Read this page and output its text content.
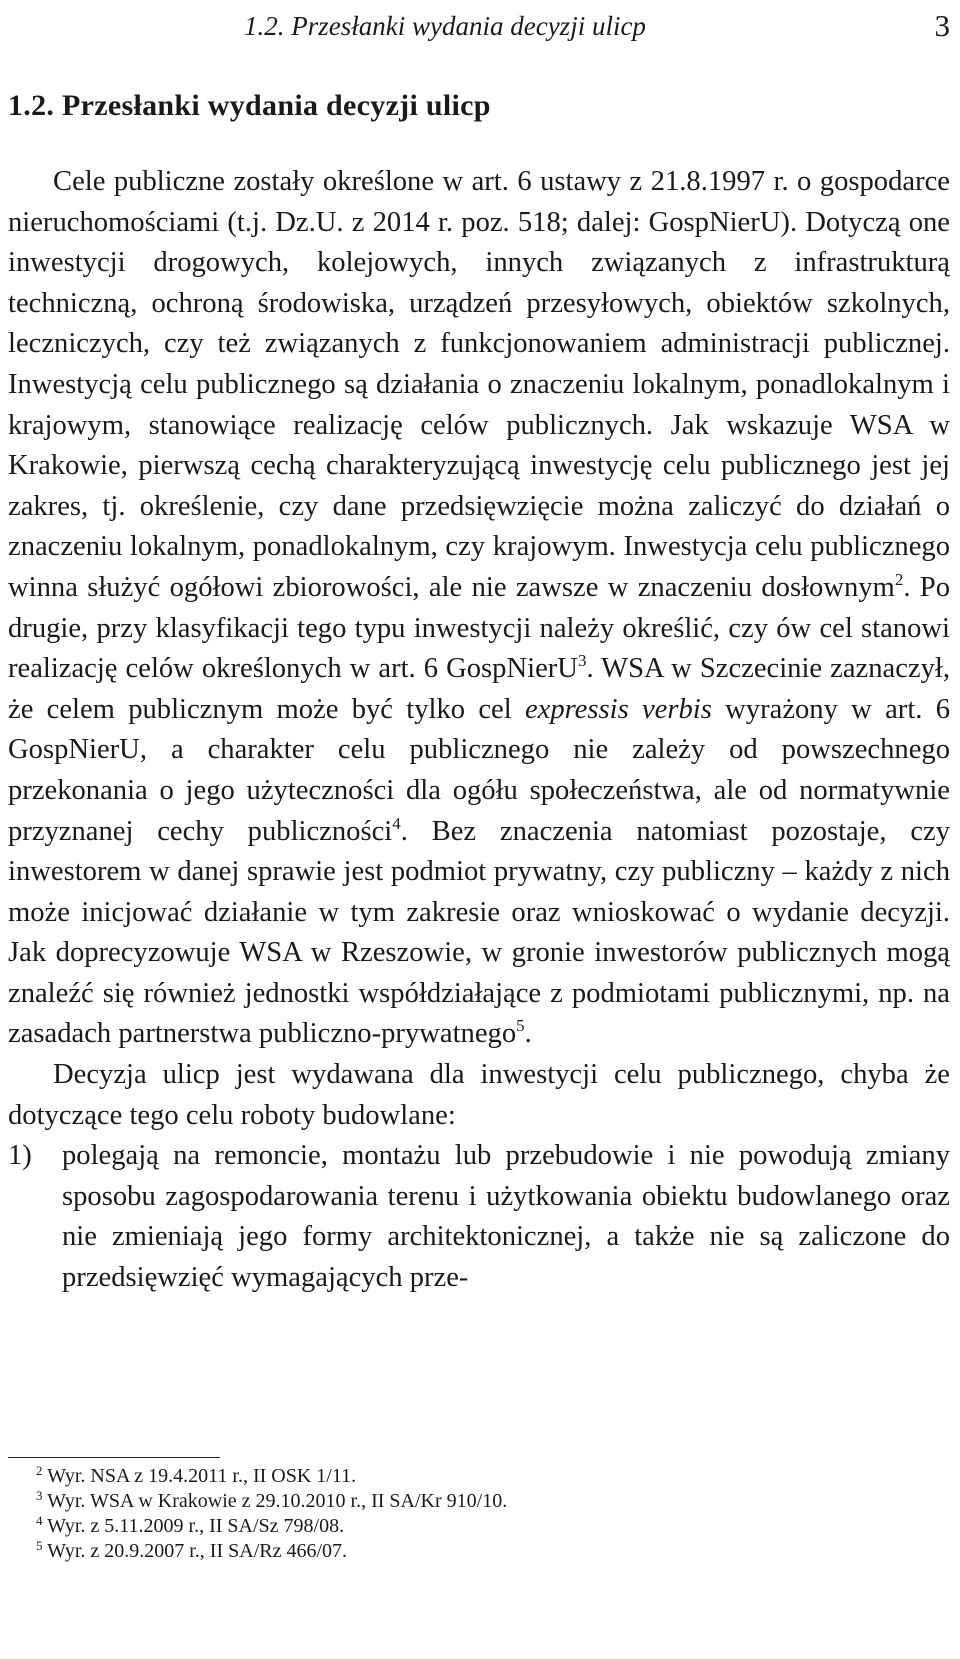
1.2. Przesłanki wydania decyzji ulicp	3
1.2. Przesłanki wydania decyzji ulicp

Cele publiczne zostały określone w art. 6 ustawy z 21.8.1997 r. o gospodarce nieruchomościami (t.j. Dz.U. z 2014 r. poz. 518; dalej: GospNierU). Dotyczą one inwestycji drogowych, kolejowych, innych związanych z infrastrukturą techniczną, ochroną środowiska, urządzeń przesyłowych, obiektów szkolnych, leczniczych, czy też związanych z funkcjonowaniem administracji publicznej. Inwestycją celu publicznego są działania o znaczeniu lokalnym, ponadlokalnym i krajowym, stanowiące realizację celów publicznych. Jak wskazuje WSA w Krakowie, pierwszą cechą charakteryzującą inwestycję celu publicznego jest jej zakres, tj. określenie, czy dane przedsięwzięcie można zaliczyć do działań o znaczeniu lokalnym, ponadlokalnym, czy krajowym. Inwestycja celu publicznego winna służyć ogółowi zbiorowości, ale nie zawsze w znaczeniu dosłownym$^2$. Po drugie, przy klasyfikacji tego typu inwestycji należy określić, czy ów cel stanowi realizację celów określonych w art. 6 GospNierU$^3$. WSA w Szczecinie zaznaczył, że celem publicznym może być tylko cel expressis verbis wyrażony w art. 6 GospNierU, a charakter celu publicznego nie zależy od powszechnego przekonania o jego użyteczności dla ogółu społeczeństwa, ale od normatywnie przyznanej cechy publiczności$^4$. Bez znaczenia natomiast pozostaje, czy inwestorem w danej sprawie jest podmiot prywatny, czy publiczny – każdy z nich może inicjować działanie w tym zakresie oraz wnioskować o wydanie decyzji. Jak doprecyzowuje WSA w Rzeszowie, w gronie inwestorów publicznych mogą znaleźć się również jednostki współdziałające z podmiotami publicznymi, np. na zasadach partnerstwa publiczno-prywatnego$^5$.

Decyzja ulicp jest wydawana dla inwestycji celu publicznego, chyba że dotyczące tego celu roboty budowlane:

1) polegają na remoncie, montażu lub przebudowie i nie powodują zmiany sposobu zagospodarowania terenu i użytkowania obiektu budowlanego oraz nie zmieniają jego formy architektonicznej, a także nie są zaliczone do przedsięwzięć wymagających prze-

$^2$ Wyr. NSA z 19.4.2011 r., II OSK 1/11.

$^3$ Wyr. WSA w Krakowie z 29.10.2010 r., II SA/Kr 910/10.

$^4$ Wyr. z 5.11.2009 r., II SA/Sz 798/08.

$^5$ Wyr. z 20.9.2007 r., II SA/Rz 466/07.
